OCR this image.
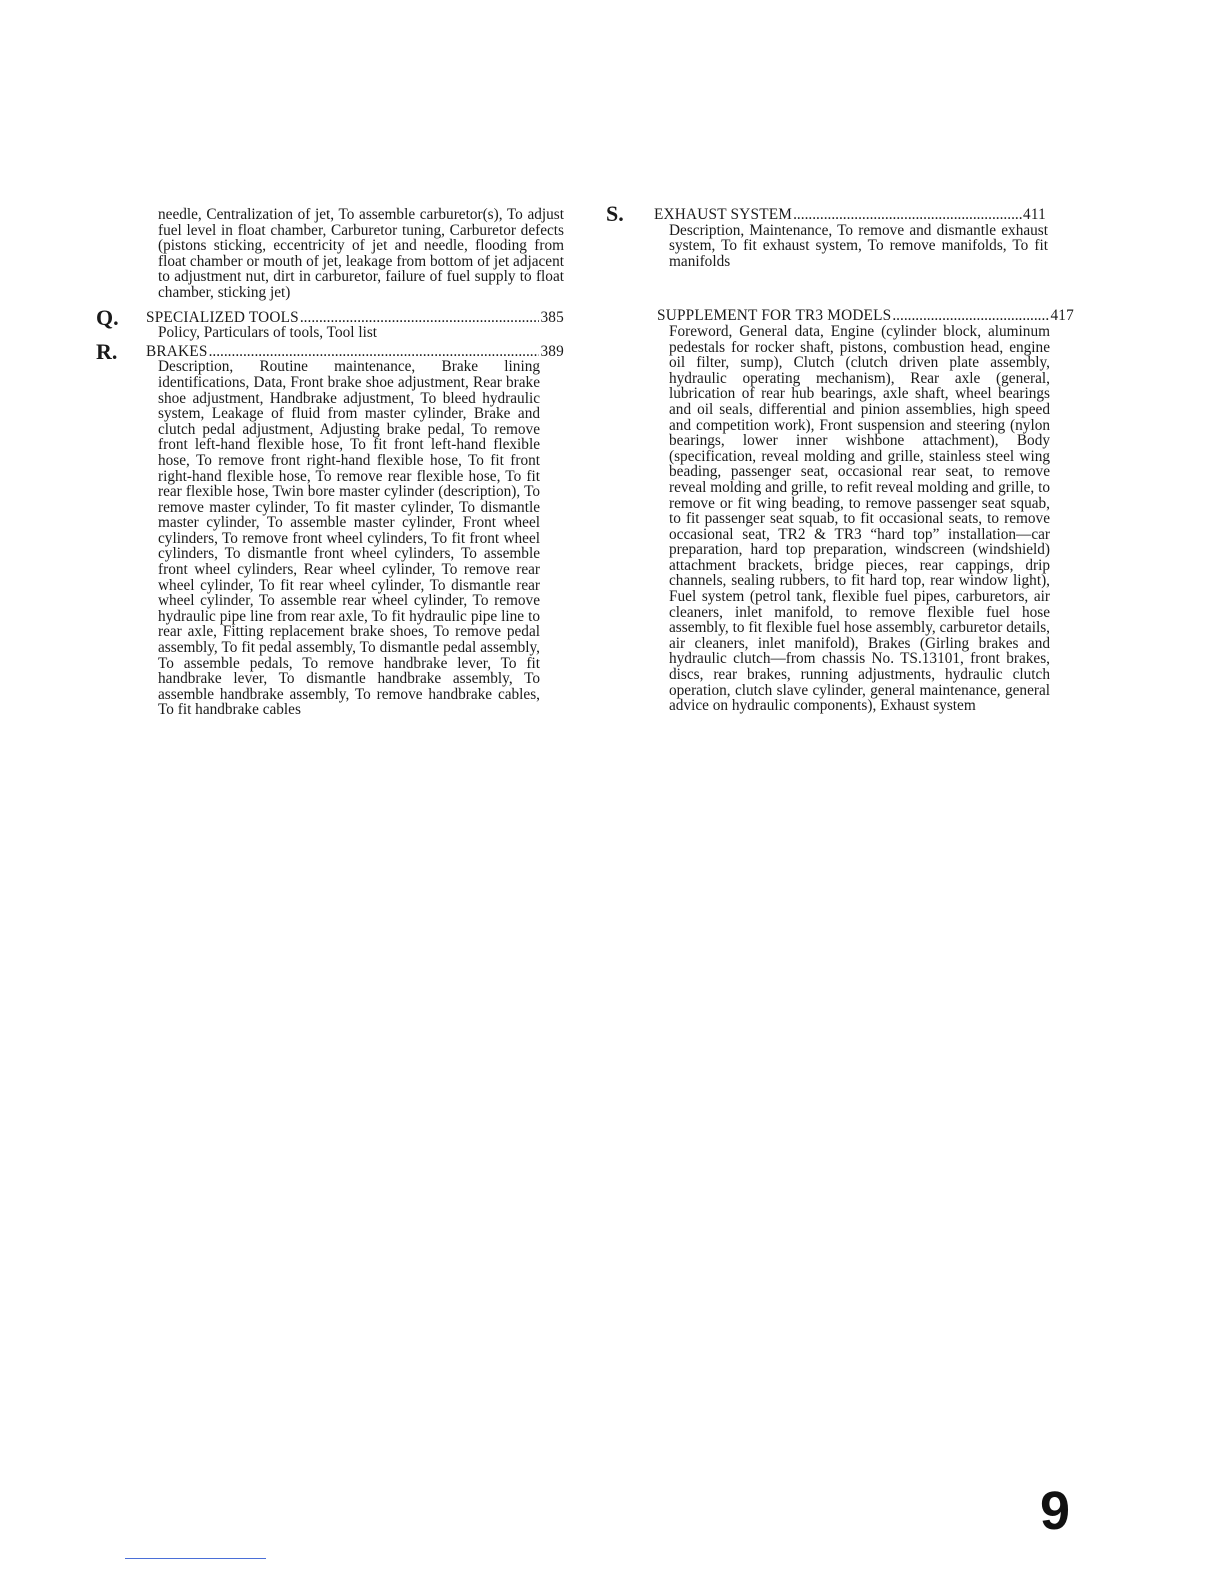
needle, Centralization of jet, To assemble carburetor(s), To adjust fuel level in float chamber, Carburetor tuning, Carburetor defects (pistons sticking, eccentricity of jet and needle, flooding from float chamber or mouth of jet, leakage from bottom of jet adjacent to adjustment nut, dirt in carburetor, failure of fuel supply to float chamber, sticking jet)
Q. SPECIALIZED TOOLS .....	385
Policy, Particulars of tools, Tool list
R. BRAKES .....	389
Description, Routine maintenance, Brake lining identifications, Data, Front brake shoe adjustment, Rear brake shoe adjustment, Handbrake adjustment, To bleed hydraulic system, Leakage of fluid from master cylinder, Brake and clutch pedal adjustment, Adjusting brake pedal, To remove front left-hand flexible hose, To fit front left-hand flexible hose, To remove front right-hand flexible hose, To fit front right-hand flexible hose, To remove rear flexible hose, To fit rear flexible hose, Twin bore master cylinder (description), To remove master cylinder, To fit master cylinder, To dismantle master cylinder, To assemble master cylinder, Front wheel cylinders, To remove front wheel cylinders, To fit front wheel cylinders, To dismantle front wheel cylinders, To assemble front wheel cylinders, Rear wheel cylinder, To remove rear wheel cylinder, To fit rear wheel cylinder, To dismantle rear wheel cylinder, To assemble rear wheel cylinder, To remove hydraulic pipe line from rear axle, To fit hydraulic pipe line to rear axle, Fitting replacement brake shoes, To remove pedal assembly, To fit pedal assembly, To dismantle pedal assembly, To assemble pedals, To remove handbrake lever, To fit handbrake lever, To dismantle handbrake assembly, To assemble handbrake assembly, To remove handbrake cables, To fit handbrake cables
S. EXHAUST SYSTEM .....	411
Description, Maintenance, To remove and dismantle exhaust system, To fit exhaust system, To remove manifolds, To fit manifolds
SUPPLEMENT FOR TR3 MODELS .....	417
Foreword, General data, Engine (cylinder block, aluminum pedestals for rocker shaft, pistons, combustion head, engine oil filter, sump), Clutch (clutch driven plate assembly, hydraulic operating mechanism), Rear axle (general, lubrication of rear hub bearings, axle shaft, wheel bearings and oil seals, differential and pinion assemblies, high speed and competition work), Front suspension and steering (nylon bearings, lower inner wishbone attachment), Body (specification, reveal molding and grille, stainless steel wing beading, passenger seat, occasional rear seat, to remove reveal molding and grille, to refit reveal molding and grille, to remove or fit wing beading, to remove passenger seat squab, to fit passenger seat squab, to fit occasional seats, to remove occasional seat, TR2 & TR3 “hard top” installation—car preparation, hard top preparation, windscreen (windshield) attachment brackets, bridge pieces, rear cappings, drip channels, sealing rubbers, to fit hard top, rear window light), Fuel system (petrol tank, flexible fuel pipes, carburetors, air cleaners, inlet manifold, to remove flexible fuel hose assembly, to fit flexible fuel hose assembly, carburetor details, air cleaners, inlet manifold), Brakes (Girling brakes and hydraulic clutch—from chassis No. TS.13101, front brakes, discs, rear brakes, running adjustments, hydraulic clutch operation, clutch slave cylinder, general maintenance, general advice on hydraulic components), Exhaust system
9
